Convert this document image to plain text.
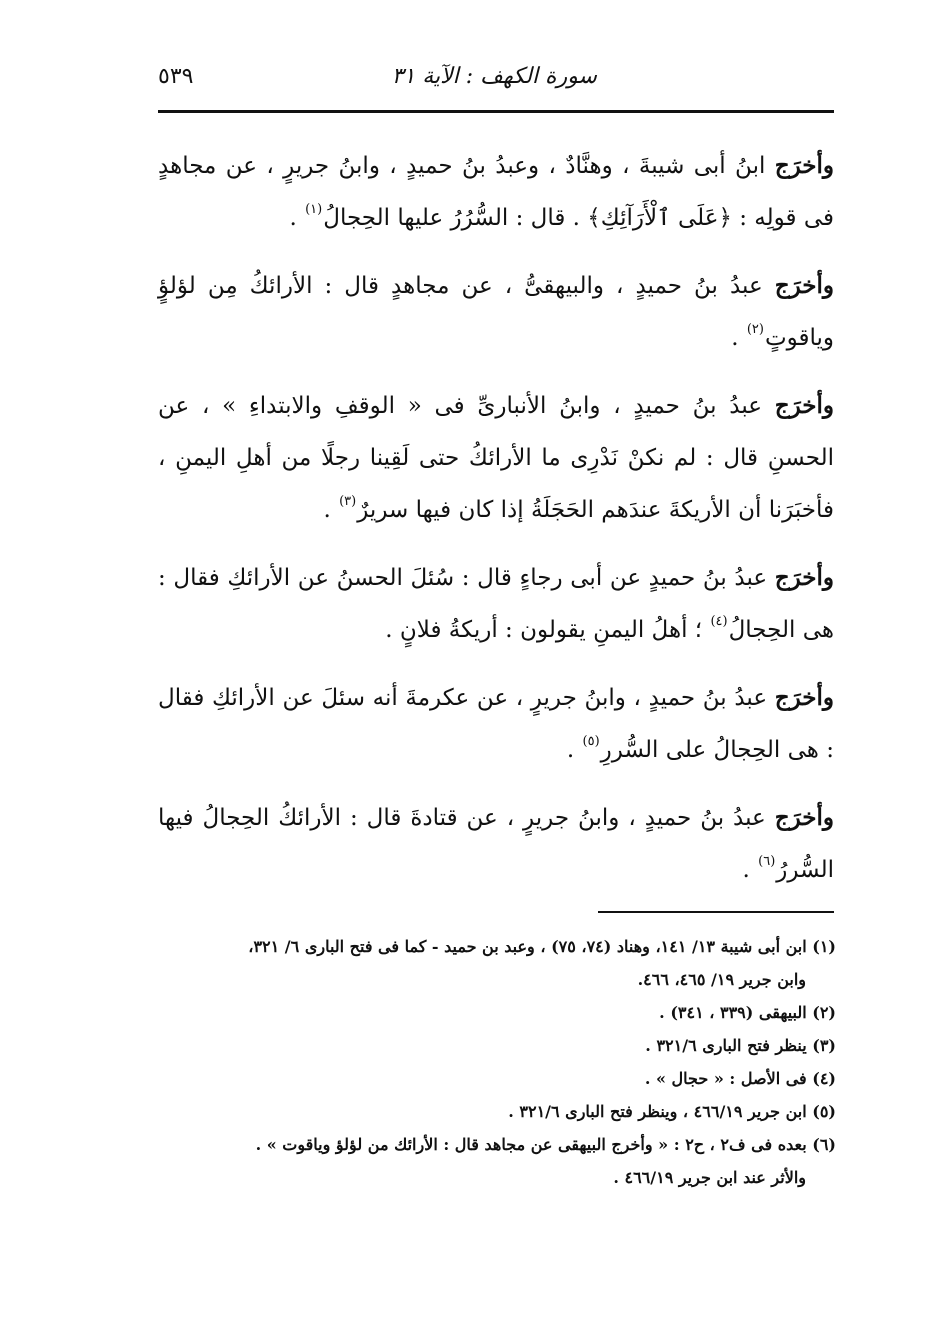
سورة الكهف : الآية ٣١
٥٣٩

وأخرَج ابنُ أبى شيبةَ ، وهنَّادٌ ، وعبدُ بنُ حميدٍ ، وابنُ جريرٍ ، عن مجاهدٍ فى قولِه : ﴿عَلَى ٱلْأَرَآئِكِ﴾ . قال : السُّرُرُ عليها الحِجالُ$^{(١)}$ .

وأخرَج عبدُ بنُ حميدٍ ، والبيهقىُّ ، عن مجاهدٍ قال : الأرائكُ مِن لؤلؤٍ وياقوتٍ$^{(٢)}$ .

وأخرَج عبدُ بنُ حميدٍ ، وابنُ الأنبارىِّ فى « الوقفِ والابتداءِ » ، عن الحسنِ قال : لم نكنْ نَدْرِى ما الأرائكُ حتى لَقِينا رجلًا من أهلِ اليمنِ ، فأخبَرَنا أن الأريكةَ عندَهم الحَجَلَةُ إذا كان فيها سريرٌ$^{(٣)}$ .

وأخرَج عبدُ بنُ حميدٍ عن أبى رجاءٍ قال : سُئلَ الحسنُ عن الأرائكِ فقال : هى الحِجالُ$^{(٤)}$ ؛ أهلُ اليمنِ يقولون : أريكةُ فلانٍ .

وأخرَج عبدُ بنُ حميدٍ ، وابنُ جريرٍ ، عن عكرمةَ أنه سئلَ عن الأرائكِ فقال : هى الحِجالُ على السُّررِ$^{(٥)}$ .

وأخرَج عبدُ بنُ حميدٍ ، وابنُ جريرٍ ، عن قتادةَ قال : الأرائكُ الحِجالُ فيها السُّررُ$^{(٦)}$ .

(١) ابن أبى شيبة ١٣/ ١٤١، وهناد (٧٤، ٧٥) ، وعبد بن حميد - كما فى فتح البارى ٦/ ٣٢١،
وابن جرير ١٩/ ٤٦٥، ٤٦٦.

(٢) البيهقى (٣٣٩ ، ٣٤١) .

(٣) ينظر فتح البارى ٣٢١/٦ .

(٤) فى الأصل : « حجال » .

(٥) ابن جرير ٤٦٦/١٩ ، وينظر فتح البارى ٣٢١/٦ .

(٦) بعده فى ف٢ ، ح٢ : « وأخرج البيهقى عن مجاهد قال : الأرائك من لؤلؤ وياقوت » .
والأثر عند ابن جرير ٤٦٦/١٩ .
